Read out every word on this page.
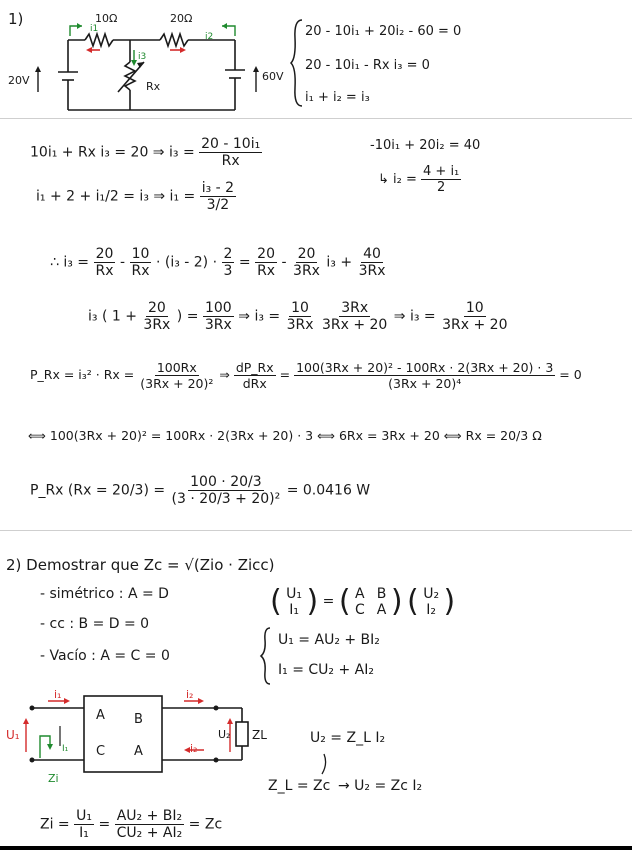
1)	10Ω	20Ω
20V	60V
Rx
i1
i2
i3
20 - 10i₁ + 20i₂ - 60 = 0
20 - 10i₁ - Rx i₃ = 0
i₁ + i₂ = i₃
-10i₁ + 20i₂ = 40
↳ $i_2 = \frac{\text{4 + i₁}}{2}$
10i₁ + Rx i₃ = 20 ⇒ $i_3 = \frac{\text{20 - 10i₁}}{Rx}$
i₁ + 2 + i₁/2 = i₃ ⇒ $i_1 = \frac{\text{i₃ - 2}}{3/2}$
∴ $i_3 = \frac{20}{Rx} - \frac{10}{Rx} \cdot (i_3 - 2) \cdot \frac{2}{3} = \frac{20}{Rx} - \frac{20}{3Rx} i_3 + \frac{40}{3Rx}$
i₃ ( $1 + \frac{20}{3Rx}$ ) = $\frac{100}{3Rx}$ ⇒ $i_3 = \frac{10}{3Rx}$
$\frac{3Rx}{3Rx + 20}$ ⇒ $i_3 = \frac{10}{3Rx + 20}$
P_Rx = $i_3^2 \cdot Rx = \frac{100Rx}{\text{(3Rx + 20)²}}$ ⇒ $\frac{dP\_Rx}{\text{dRx}} = \frac{\text{100(3Rx + 20)² - 100Rx · 2(3Rx + 20) · 3}}{\text{(3Rx + 20)⁴}} = 0$
⟺ 100(3Rx + 20)² = 100Rx · 2(3Rx + 20) · 3 ⟺ 6Rx = 3Rx + 20 ⟺ Rx = 20/3 Ω
P_Rx $(Rx = 20/3) = \frac{100 \cdot 20/3}{\text{(3 · 20/3 + 20)²}} = 0.0416$ W
2) Demostrar que Zc = √(Zio · Zicc)
- simétrico : A = D
- cc : B = D = 0
- Vacío : A = C = 0
( U₁
I₁ ) = ( A B
C A ) ( U₂
I₂ )
U₁ = AU₂ + BI₂
I₁ = CU₂ + AI₂
A B
C A
i₁	i₂
i₂
U₁	U₂ ZL
Zi
I₁
U₂ = Z_L I₂
Z_L = Zc → U₂ = Zc I₂
$Zi = \frac{\text{U₁}}{\text{I₁}} = \frac{\text{AU₂ + BI₂}}{\text{CU₂ + AI₂}} = Zc$
